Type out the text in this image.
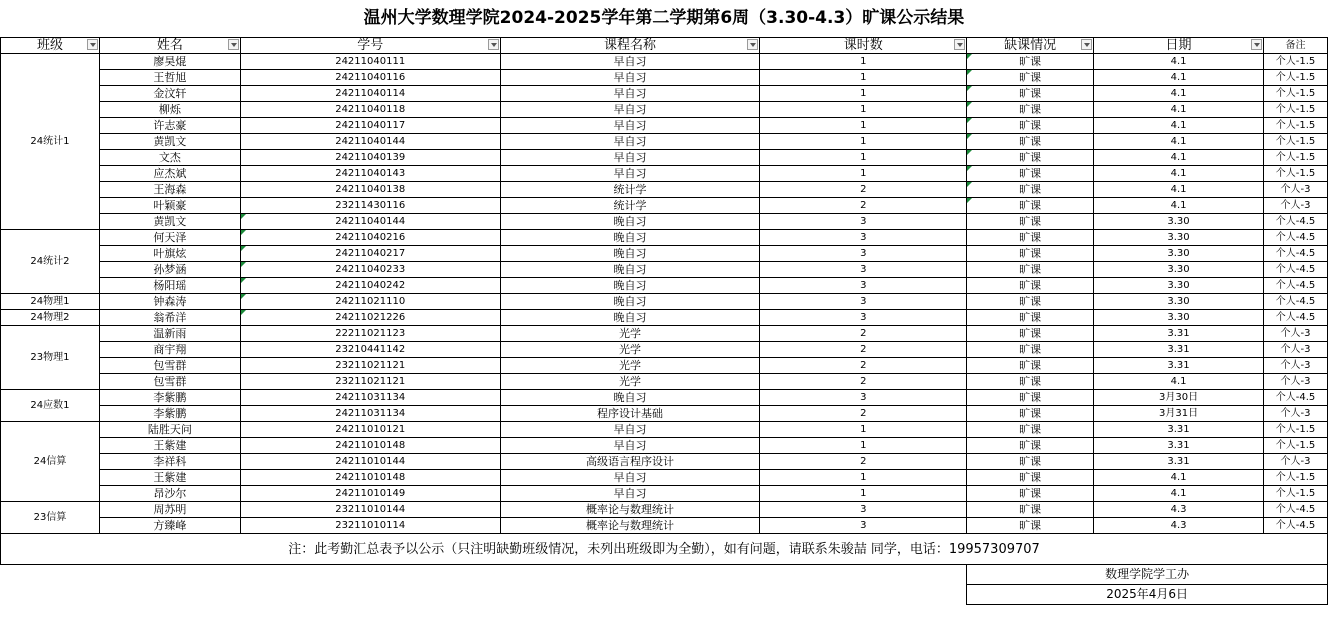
温州大学数理学院2024-2025学年第二学期第6周（3.30-4.3）旷课公示结果							

班级	姓名	学号	课程名称	课时数	缺课情况	日期	备注

24统计1	廖昊焜	24211040111	早自习	1	旷课	4.1	个人-1.5
	王哲旭	24211040116	早自习	1	旷课	4.1	个人-1.5
	金汶轩	24211040114	早自习	1	旷课	4.1	个人-1.5
	柳烁	24211040118	早自习	1	旷课	4.1	个人-1.5
	许志豪	24211040117	早自习	1	旷课	4.1	个人-1.5
	黄凯文	24211040144	早自习	1	旷课	4.1	个人-1.5
	文杰	24211040139	早自习	1	旷课	4.1	个人-1.5
	应杰斌	24211040143	早自习	1	旷课	4.1	个人-1.5
	王海森	24211040138	统计学	2	旷课	4.1	个人-3
	叶颖豪	23211430116	统计学	2	旷课	4.1	个人-3
	黄凯文	24211040144	晚自习	3	旷课	3.30	个人-4.5
24统计2	何天泽	24211040216	晚自习	3	旷课	3.30	个人-4.5
	叶旗炫	24211040217	晚自习	3	旷课	3.30	个人-4.5
	孙梦涵	24211040233	晚自习	3	旷课	3.30	个人-4.5
	杨阳瑶	24211040242	晚自习	3	旷课	3.30	个人-4.5
24物理1	钟森涛	24211021110	晚自习	3	旷课	3.30	个人-4.5
24物理2	翁希洋	24211021226	晚自习	3	旷课	3.30	个人-4.5
23物理1	温新雨	22211021123	光学	2	旷课	3.31	个人-3
	商宇翔	23210441142	光学	2	旷课	3.31	个人-3
	包雪群	23211021121	光学	2	旷课	3.31	个人-3
	包雪群	23211021121	光学	2	旷课	4.1	个人-3
24应数1	李紫鹏	24211031134	晚自习	3	旷课	3月30日	个人-4.5
	李紫鹏	24211031134	程序设计基础	2	旷课	3月31日	个人-3
24信算	陆胜天问	24211010121	早自习	1	旷课	3.31	个人-1.5
	王紫建	24211010148	早自习	1	旷课	3.31	个人-1.5
	李祥科	24211010144	高级语言程序设计	2	旷课	3.31	个人-3
	王紫建	24211010148	早自习	1	旷课	4.1	个人-1.5
	昂沙尔	24211010149	早自习	1	旷课	4.1	个人-1.5
23信算	周苏明	23211010144	概率论与数理统计	3	旷课	4.3	个人-4.5
	方臻峰	23211010114	概率论与数理统计	3	旷课	4.3	个人-4.5
注：此考勤汇总表予以公示（只注明缺勤班级情况，未列出班级即为全勤），如有问题，请联系朱骏喆 同学，电话：19957309707							
					数理学院学工办		
					2025年4月6日		
